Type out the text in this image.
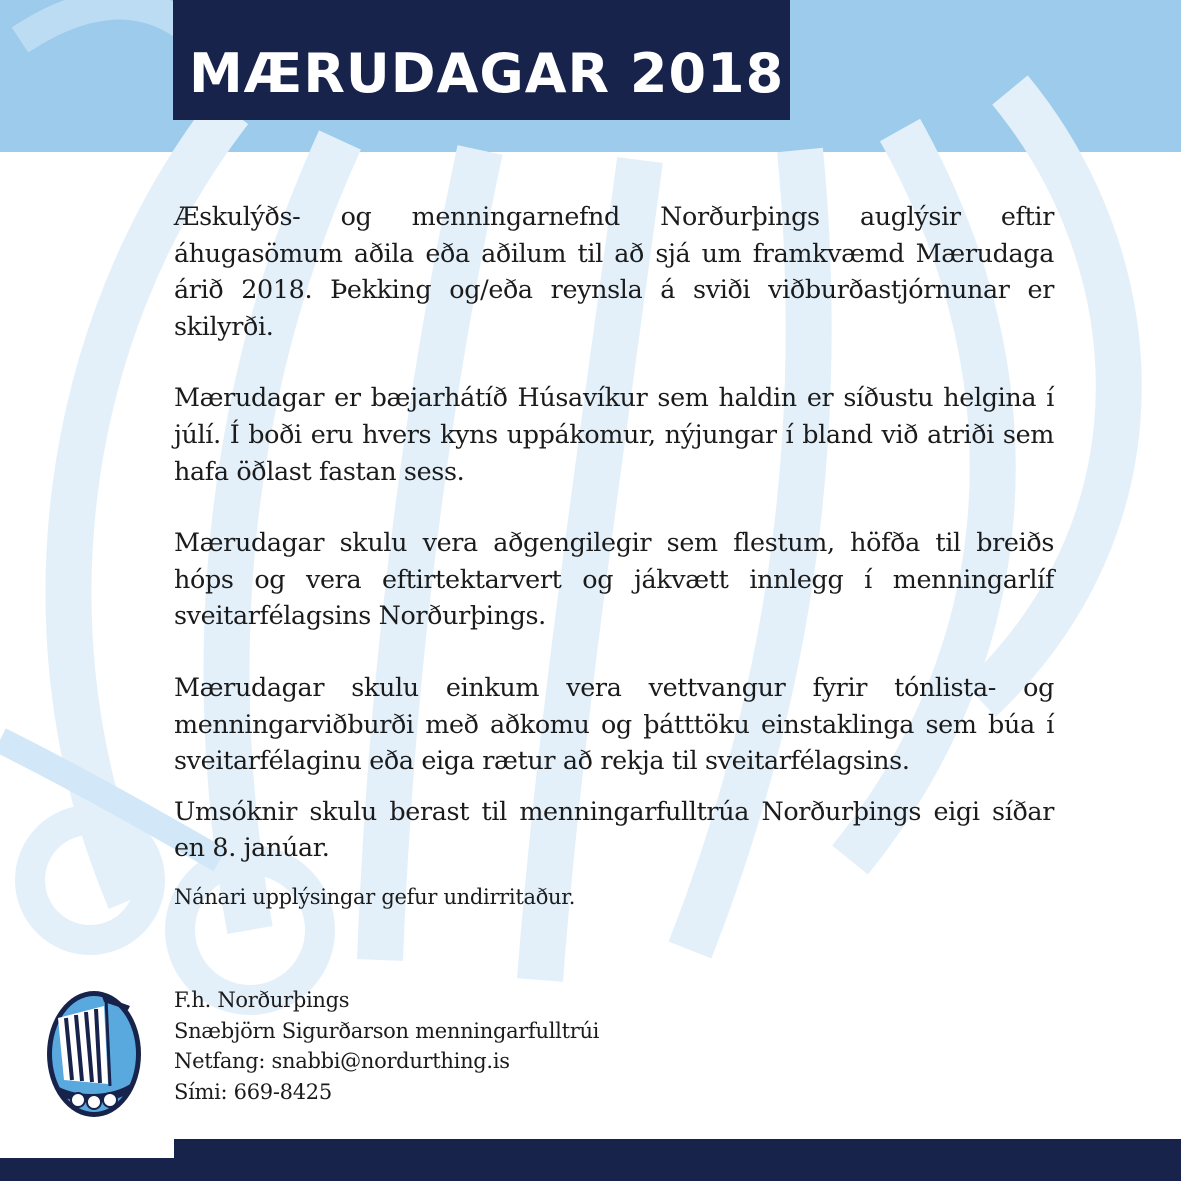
MÆRUDAGAR 2018

Æskulýðs- og menningarnefnd Norðurþings auglýsir eftir áhugasömum aðila eða aðilum til að sjá um framkvæmd Mærudaga árið 2018. Þekking og/eða reynsla á sviði viðburðastjórnunar er skilyrði.

Mærudagar er bæjarhátíð Húsavíkur sem haldin er síðustu helgina í júlí. Í boði eru hvers kyns uppákomur, nýjungar í bland við atriði sem hafa öðlast fastan sess.

Mærudagar skulu vera aðgengilegir sem flestum, höfða til breiðs hóps og vera eftirtektarvert og jákvætt innlegg í menningarlíf sveitarfélagsins Norðurþings.

Mærudagar skulu einkum vera vettvangur fyrir tónlista- og menningarviðburði með aðkomu og þátttöku einstaklinga sem búa í sveitarfélaginu eða eiga rætur að rekja til sveitarfélagsins.

Umsóknir skulu berast til menningarfulltrúa Norðurþings eigi síðar en 8. janúar.

Nánari upplýsingar gefur undirritaður.

F.h. Norðurþings
Snæbjörn Sigurðarson menningarfulltrúi
Netfang: snabbi@nordurthing.is
Sími: 669-8425
